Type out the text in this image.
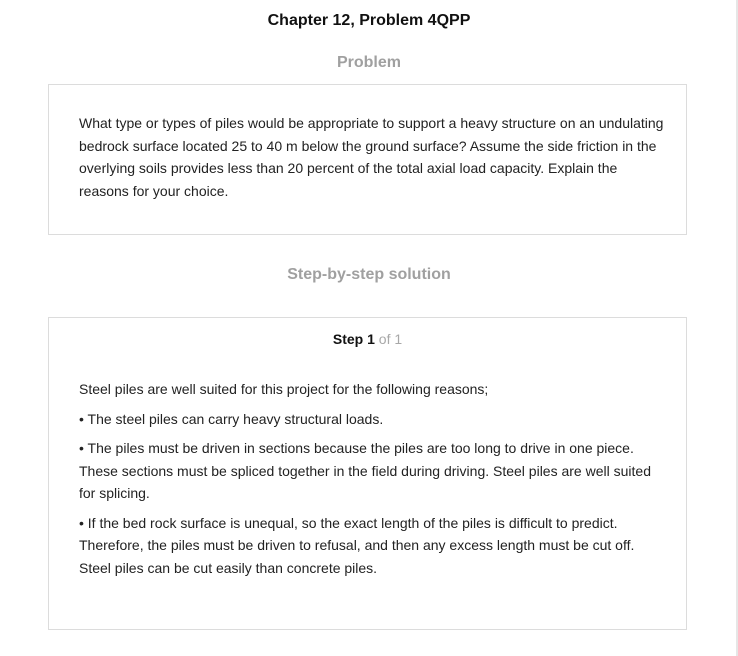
Chapter 12, Problem 4QPP
Problem
What type or types of piles would be appropriate to support a heavy structure on an undulating bedrock surface located 25 to 40 m below the ground surface? Assume the side friction in the overlying soils provides less than 20 percent of the total axial load capacity. Explain the reasons for your choice.
Step-by-step solution
Step 1 of 1

Steel piles are well suited for this project for the following reasons;

• The steel piles can carry heavy structural loads.

• The piles must be driven in sections because the piles are too long to drive in one piece. These sections must be spliced together in the field during driving. Steel piles are well suited for splicing.

• If the bed rock surface is unequal, so the exact length of the piles is difficult to predict. Therefore, the piles must be driven to refusal, and then any excess length must be cut off. Steel piles can be cut easily than concrete piles.
